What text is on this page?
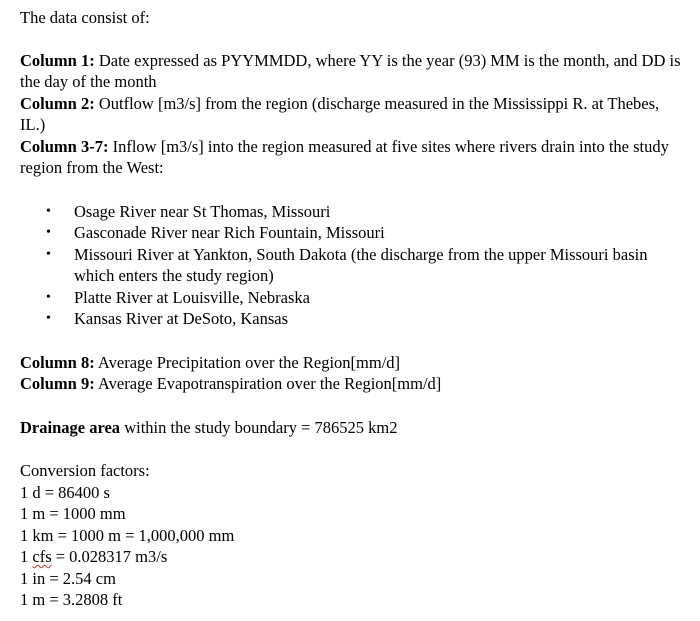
The data consist of:

Column 1: Date expressed as PYYMMDD, where YY is the year (93) MM is the month, and DD is the day of the month

Column 2: Outflow [m3/s] from the region (discharge measured in the Mississippi R. at Thebes, IL.)

Column 3-7: Inflow [m3/s] into the region measured at five sites where rivers drain into the study region from the West:

• Osage River near St Thomas, Missouri
• Gasconade River near Rich Fountain, Missouri
• Missouri River at Yankton, South Dakota (the discharge from the upper Missouri basin which enters the study region)
• Platte River at Louisville, Nebraska
• Kansas River at DeSoto, Kansas

Column 8: Average Precipitation over the Region[mm/d]

Column 9: Average Evapotranspiration over the Region[mm/d]

Drainage area within the study boundary = 786525 km2

Conversion factors:

1 d = 86400 s

1 m = 1000 mm

1 km = 1000 m = 1,000,000 mm

1 cfs = 0.028317 m3/s

1 in = 2.54 cm

1 m = 3.2808 ft
